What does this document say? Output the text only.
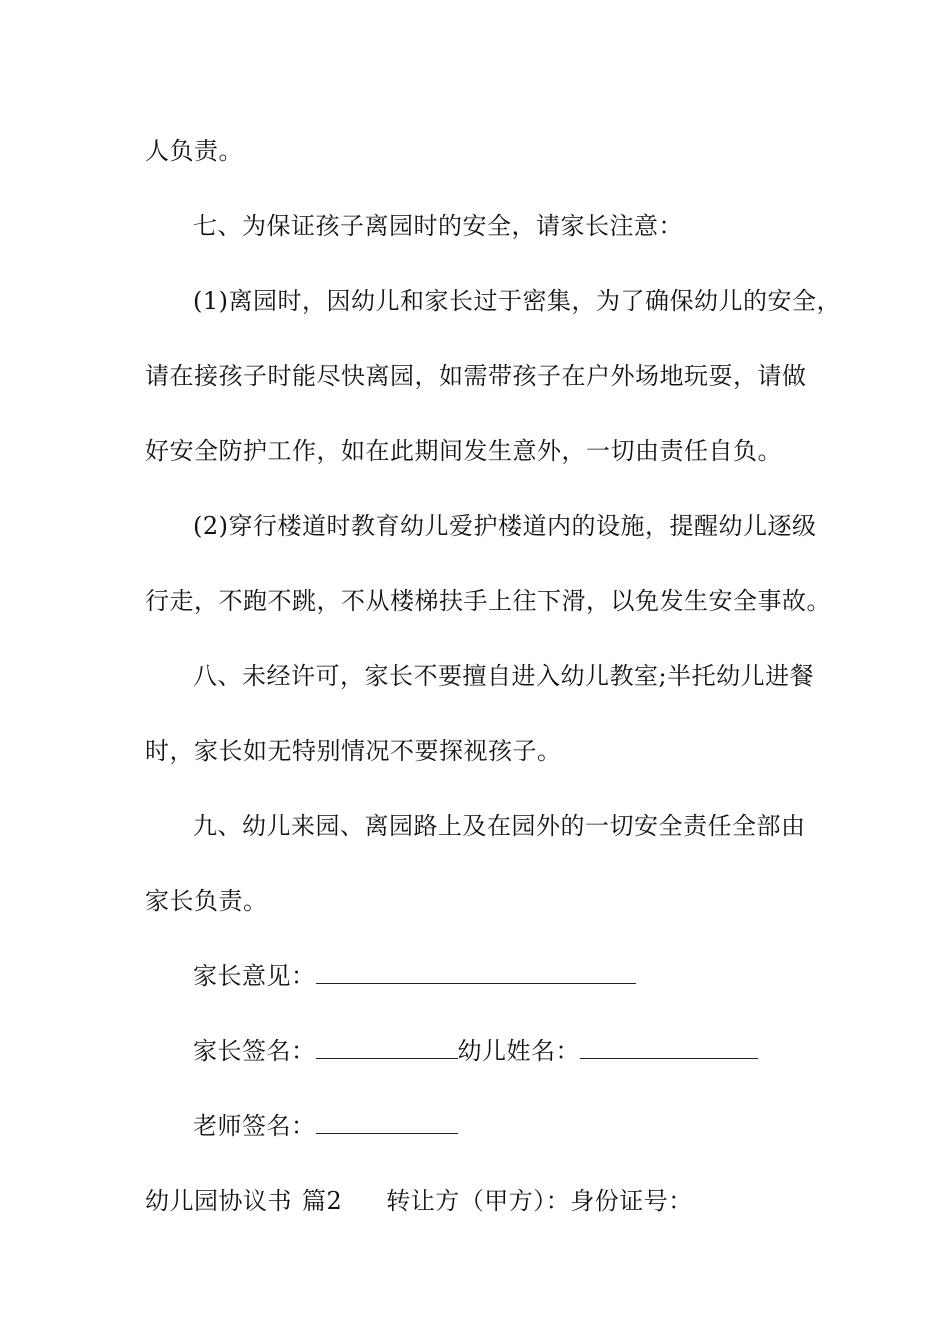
人负责。
七、为保证孩子离园时的安全，请家长注意：
(1)离园时，因幼儿和家长过于密集，为了确保幼儿的安全，
请在接孩子时能尽快离园，如需带孩子在户外场地玩耍，请做
好安全防护工作，如在此期间发生意外，一切由责任自负。
(2)穿行楼道时教育幼儿爱护楼道内的设施，提醒幼儿逐级
行走，不跑不跳，不从楼梯扶手上往下滑，以免发生安全事故。
八、未经许可，家长不要擅自进入幼儿教室;半托幼儿进餐
时，家长如无特别情况不要探视孩子。
九、幼儿来园、离园路上及在园外的一切安全责任全部由
家长负责。
家长意见：
家长签名：	幼儿姓名：
老师签名：
幼儿园协议书 篇2 转让方（甲方）：身份证号：
